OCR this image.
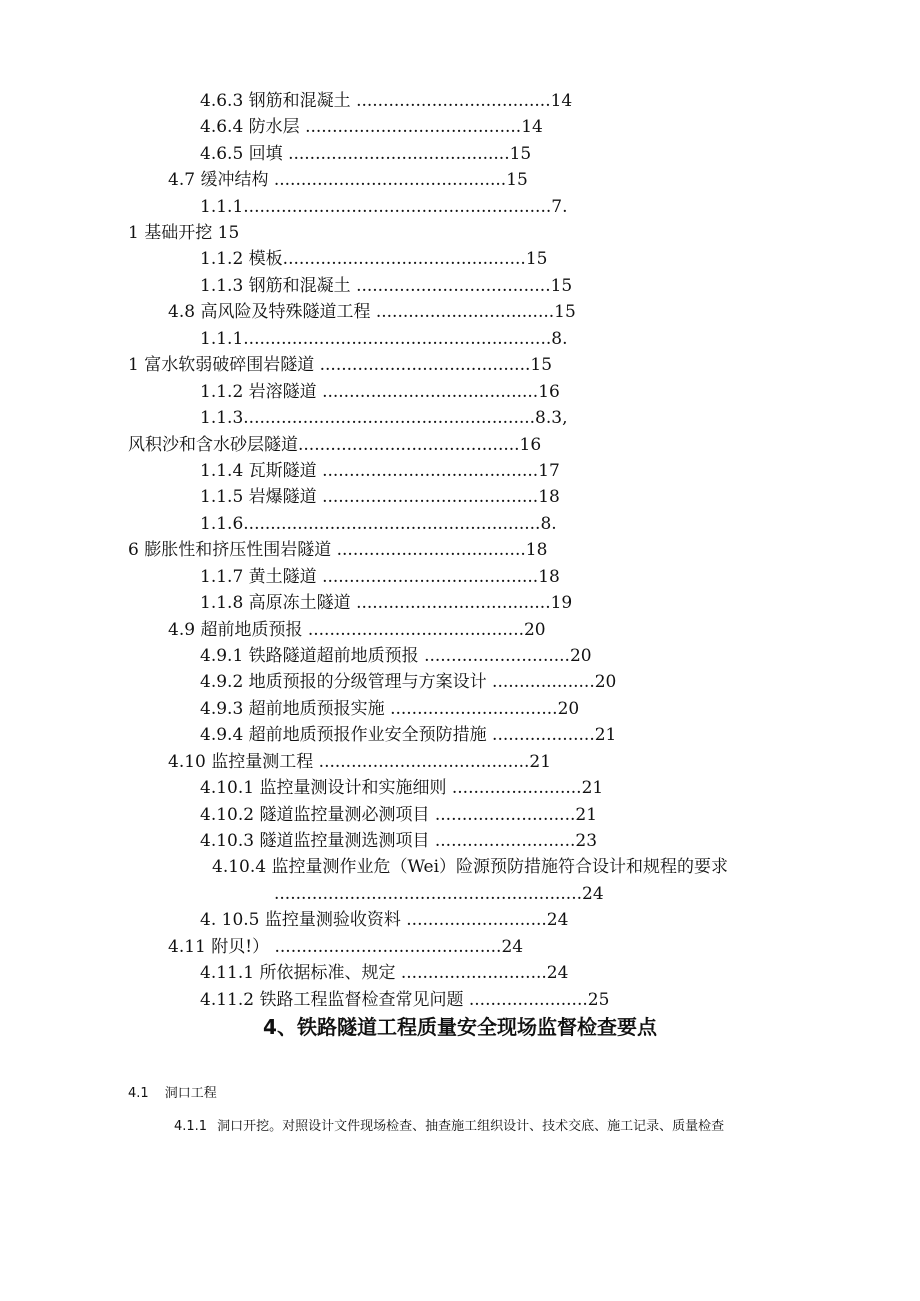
4.6.3 钢筋和混凝土 ....................................14
4.6.4 防水层 ........................................14
4.6.5 回填 .........................................15
4.7 缓冲结构 ...........................................15
1.1.1.........................................................7.
1 基础开挖 15
1.1.2 模板.............................................15
1.1.3 钢筋和混凝土 ....................................15
4.8 高风险及特殊隧道工程 .................................15
1.1.1.........................................................8.
1 富水软弱破碎围岩隧道 .......................................15
1.1.2 岩溶隧道 ........................................16
1.1.3......................................................8.3,
风积沙和含水砂层隧道.........................................16
1.1.4 瓦斯隧道 ........................................17
1.1.5 岩爆隧道 ........................................18
1.1.6.......................................................8.
6 膨胀性和挤压性围岩隧道 ...................................18
1.1.7 黄土隧道 ........................................18
1.1.8 高原冻土隧道 ....................................19
4.9 超前地质预报 ........................................20
4.9.1 铁路隧道超前地质预报 ...........................20
4.9.2 地质预报的分级管理与方案设计 ...................20
4.9.3 超前地质预报实施 ...............................20
4.9.4 超前地质预报作业安全预防措施 ...................21
4.10 监控量测工程 .......................................21
4.10.1 监控量测设计和实施细则 ........................21
4.10.2 隧道监控量测必测项目 ..........................21
4.10.3 隧道监控量测选测项目 ..........................23
4.10.4 监控量测作业危（Wei）险源预防措施符合设计和规程的要求
.........................................................24
4. 10.5 监控量测验收资料 ..........................24
4.11 附贝!） ..........................................24
4.11.1 所依据标准、规定 ...........................24
4.11.2 铁路工程监督检查常见问题 ......................25
4、铁路隧道工程质量安全现场监督检查要点
4.1 洞口工程
4.1.1 洞口开挖。对照设计文件现场检查、抽查施工组织设计、技术交底、施工记录、质量检查
